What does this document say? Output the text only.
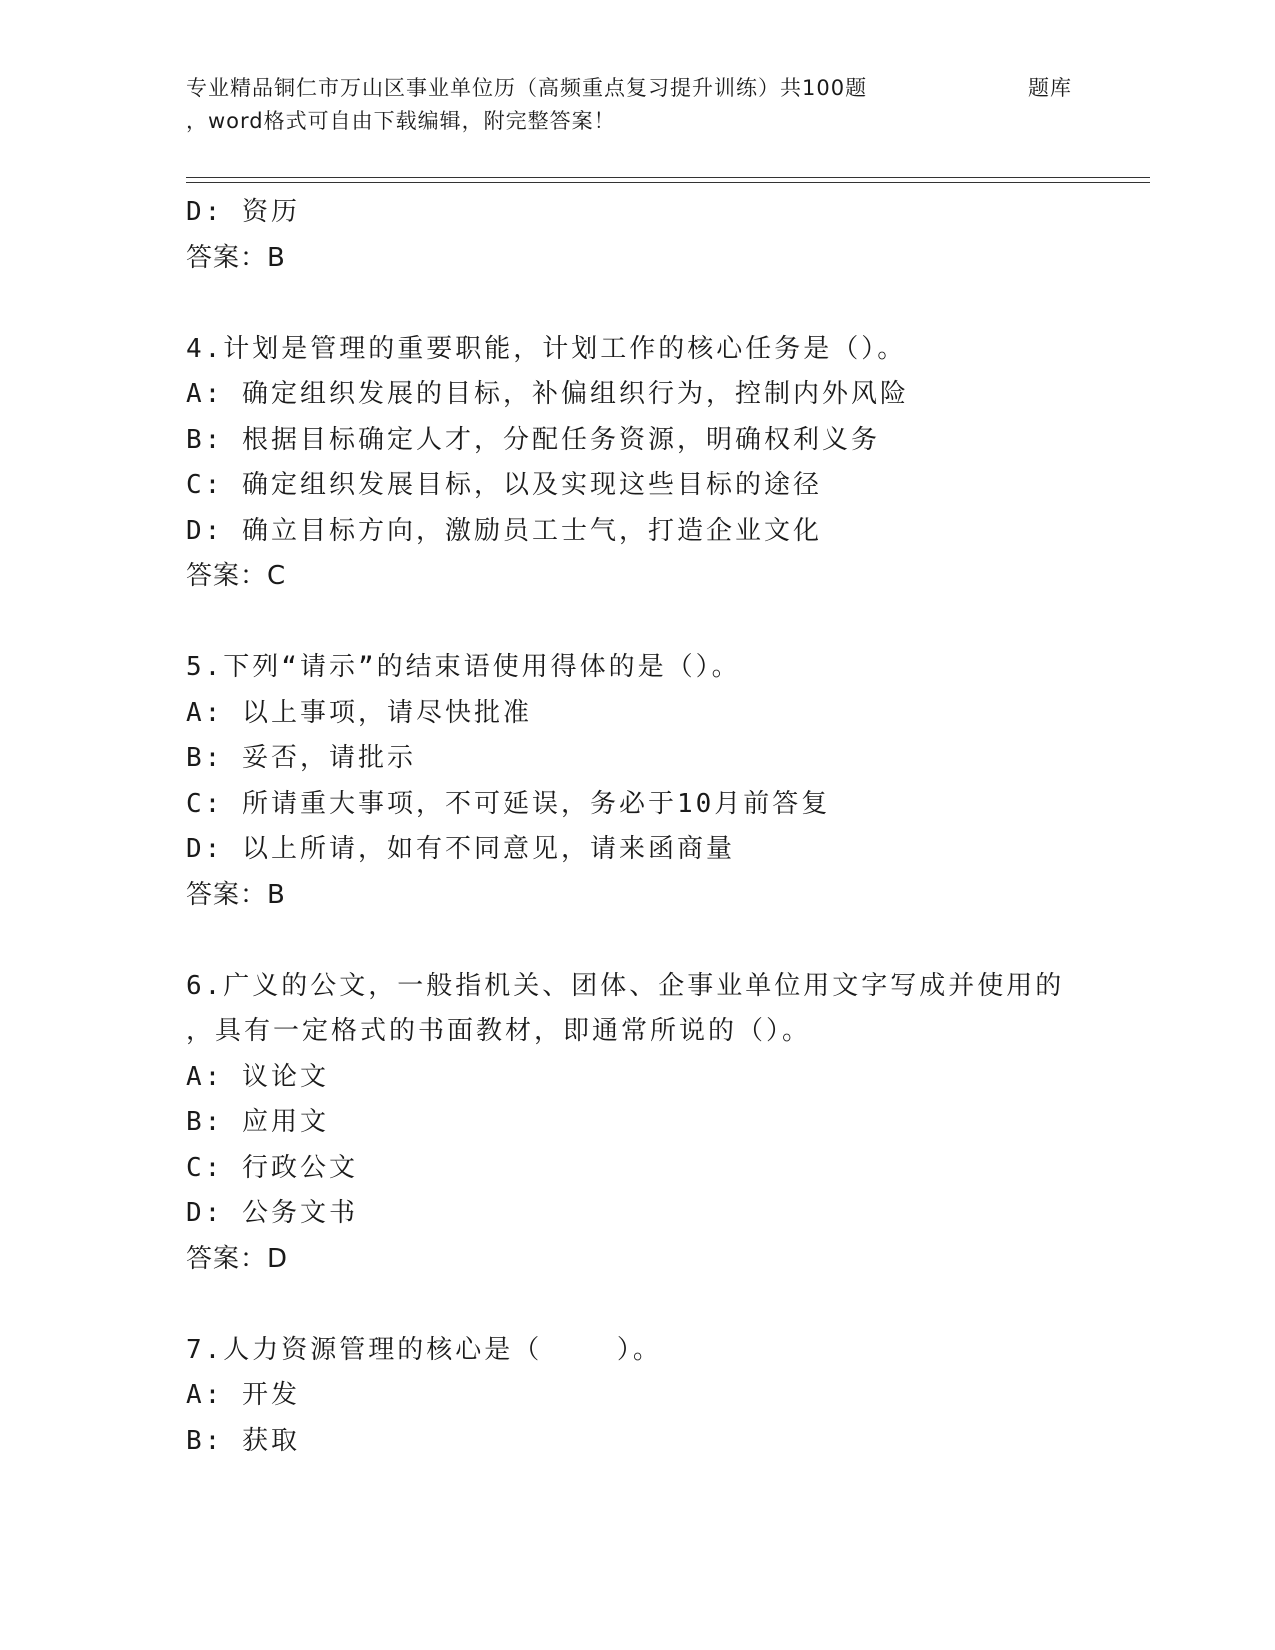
专业精品铜仁市万山区事业单位历（高频重点复习提升训练）共100题
，word格式可自由下载编辑，附完整答案！
题库
D: 资历
答案：B
4.计划是管理的重要职能，计划工作的核心任务是（）。
A: 确定组织发展的目标，补偏组织行为，控制内外风险
B: 根据目标确定人才，分配任务资源，明确权利义务
C: 确定组织发展目标，以及实现这些目标的途径
D: 确立目标方向，激励员工士气，打造企业文化
答案：C
5.下列“请示”的结束语使用得体的是（）。
A: 以上事项，请尽快批准
B: 妥否，请批示
C: 所请重大事项，不可延误，务必于10月前答复
D: 以上所请，如有不同意见，请来函商量
答案：B
6.广义的公文，一般指机关、团体、企事业单位用文字写成并使用的
，具有一定格式的书面教材，即通常所说的（）。
A: 议论文
B: 应用文
C: 行政公文
D: 公务文书
答案：D
7.人力资源管理的核心是（    ）。
A: 开发
B: 获取
